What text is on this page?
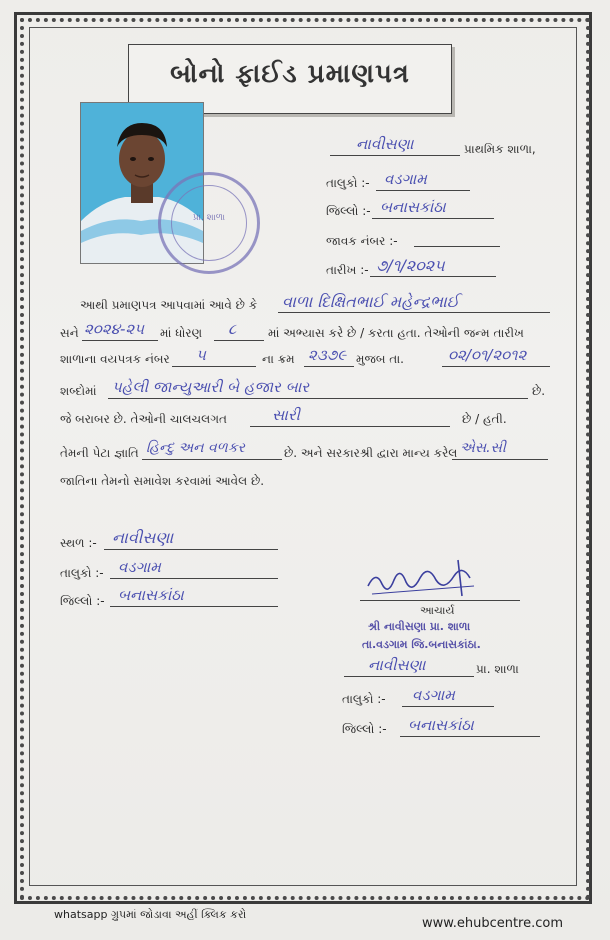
બોનો ફાઈડ પ્રમાણપત્ર
પ્રા. શાળા
નાવીસણા	પ્રાથમિક શાળા,
તાલુકો :- વડગામ
જિલ્લો :- બનાસકાંઠા
જાવક નંબર :-
તારીખ :- ૭/૧/૨૦૨૫
આથી પ્રમાણપત્ર આપવામાં આવે છે કે વાળા દિક્ષિતભાઈ મહેન્દ્રભાઈ
સને ૨૦૨૪-૨૫ માં ધોરણ ૮	માં અભ્યાસ કરે છે / કરતા હતા. તેઓની જન્મ તારીખ
શાળાના વયપત્રક નંબર ૫	ના ક્રમ ૨૩૭૯ મુજબ તા.	૦૨/૦૧/૨૦૧૨
શબ્દોમાં પહેલી જાન્યુઆરી બે હજાર બાર	છે.
જે બરાબર છે. તેઓની ચાલચલગત	સારી	છે / હતી.
તેમની પેટા જ્ઞાતિ હિન્દુ અન વળકર	છે. અને સરકારશ્રી દ્વારા માન્ય કરેલ એસ.સી
જાતિના તેમનો સમાવેશ કરવામાં આવેલ છે.
સ્થળ :- નાવીસણા
તાલુકો :- વડગામ
જિલ્લો :- બનાસકાંઠા
આચાર્ય
શ્રી નાવીસણા પ્રા. શાળા
તા.વડગામ જિ.બનાસકાંઠા.
નાવીસણા	પ્રા. શાળા
તાલુકો :- વડગામ
જિલ્લો :- બનાસકાંઠા
whatsapp ગ્રુપમાં જોડાવા અહીં ક્લિક કરો
www.ehubcentre.com
